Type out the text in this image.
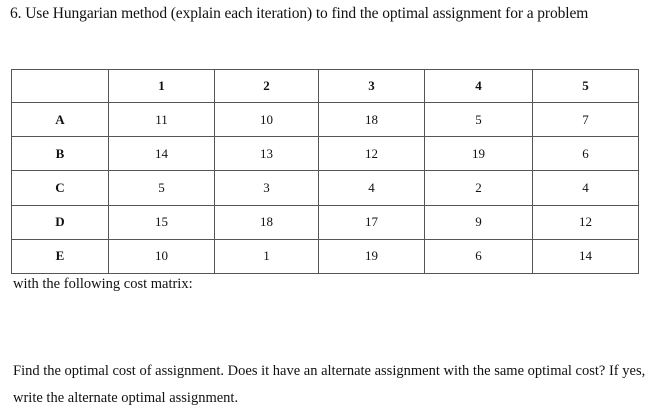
6. Use Hungarian method (explain each iteration) to find the optimal assignment for a problem
	1	2	3	4	5
A	11	10	18	5	7
B	14	13	12	19	6
C	5	3	4	2	4
D	15	18	17	9	12
E	10	1	19	6	14
with the following cost matrix:
Find the optimal cost of assignment. Does it have an alternate assignment with the same optimal cost? If yes, write the alternate optimal assignment.
